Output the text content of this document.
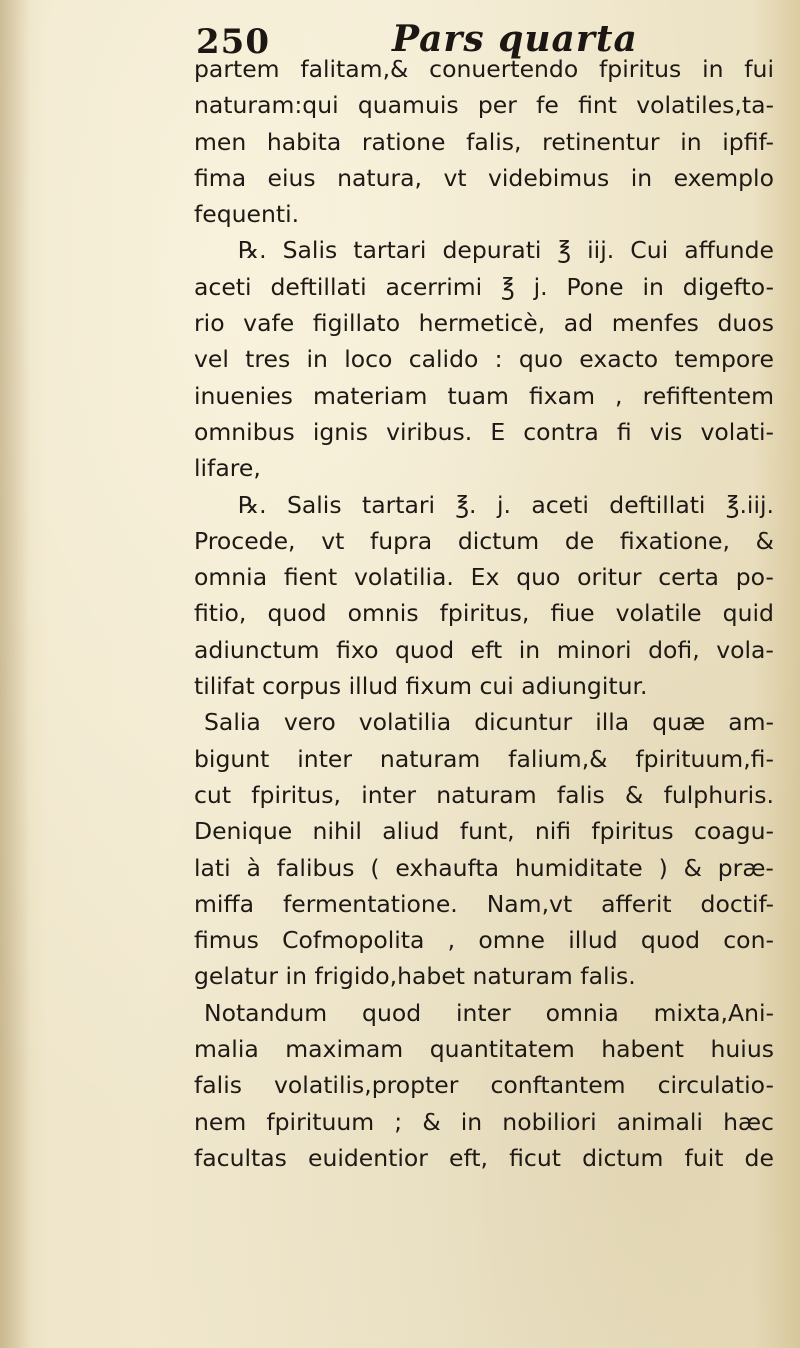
250	Pars quarta
partem falitam,& conuertendo fpiritus in fui
naturam:qui quamuis per fe fint volatiles,ta-
men habita ratione falis, retinentur in ipfif-
fima eius natura, vt videbimus in exemplo
fequenti.
℞. Salis tartari depurati ℥ iij. Cui affunde
aceti deftillati acerrimi ℥ j. Pone in digefto-
rio vafe figillato hermeticè, ad menfes duos
vel tres in loco calido : quo exacto tempore
inuenies materiam tuam fixam , refiftentem
omnibus ignis viribus. E contra fi vis volati-
lifare,
℞. Salis tartari ℥. j. aceti deftillati ℥.iij.
Procede, vt fupra dictum de fixatione, &
omnia fient volatilia. Ex quo oritur certa po-
fitio, quod omnis fpiritus, fiue volatile quid
adiunctum fixo quod eft in minori dofi, vola-
tilifat corpus illud fixum cui adiungitur.
Salia vero volatilia dicuntur illa quæ am-
bigunt inter naturam falium,& fpirituum,fi-
cut fpiritus, inter naturam falis & fulphuris.
Denique nihil aliud funt, nifi fpiritus coagu-
lati à falibus ( exhaufta humiditate ) & præ-
miffa fermentatione. Nam,vt afferit doctif-
fimus Cofmopolita , omne illud quod con-
gelatur in frigido,habet naturam falis.
Notandum quod inter omnia mixta,Ani-
malia maximam quantitatem habent huius
falis volatilis,propter conftantem circulatio-
nem fpirituum ; & in nobiliori animali hæc
facultas euidentior eft, ficut dictum fuit de
